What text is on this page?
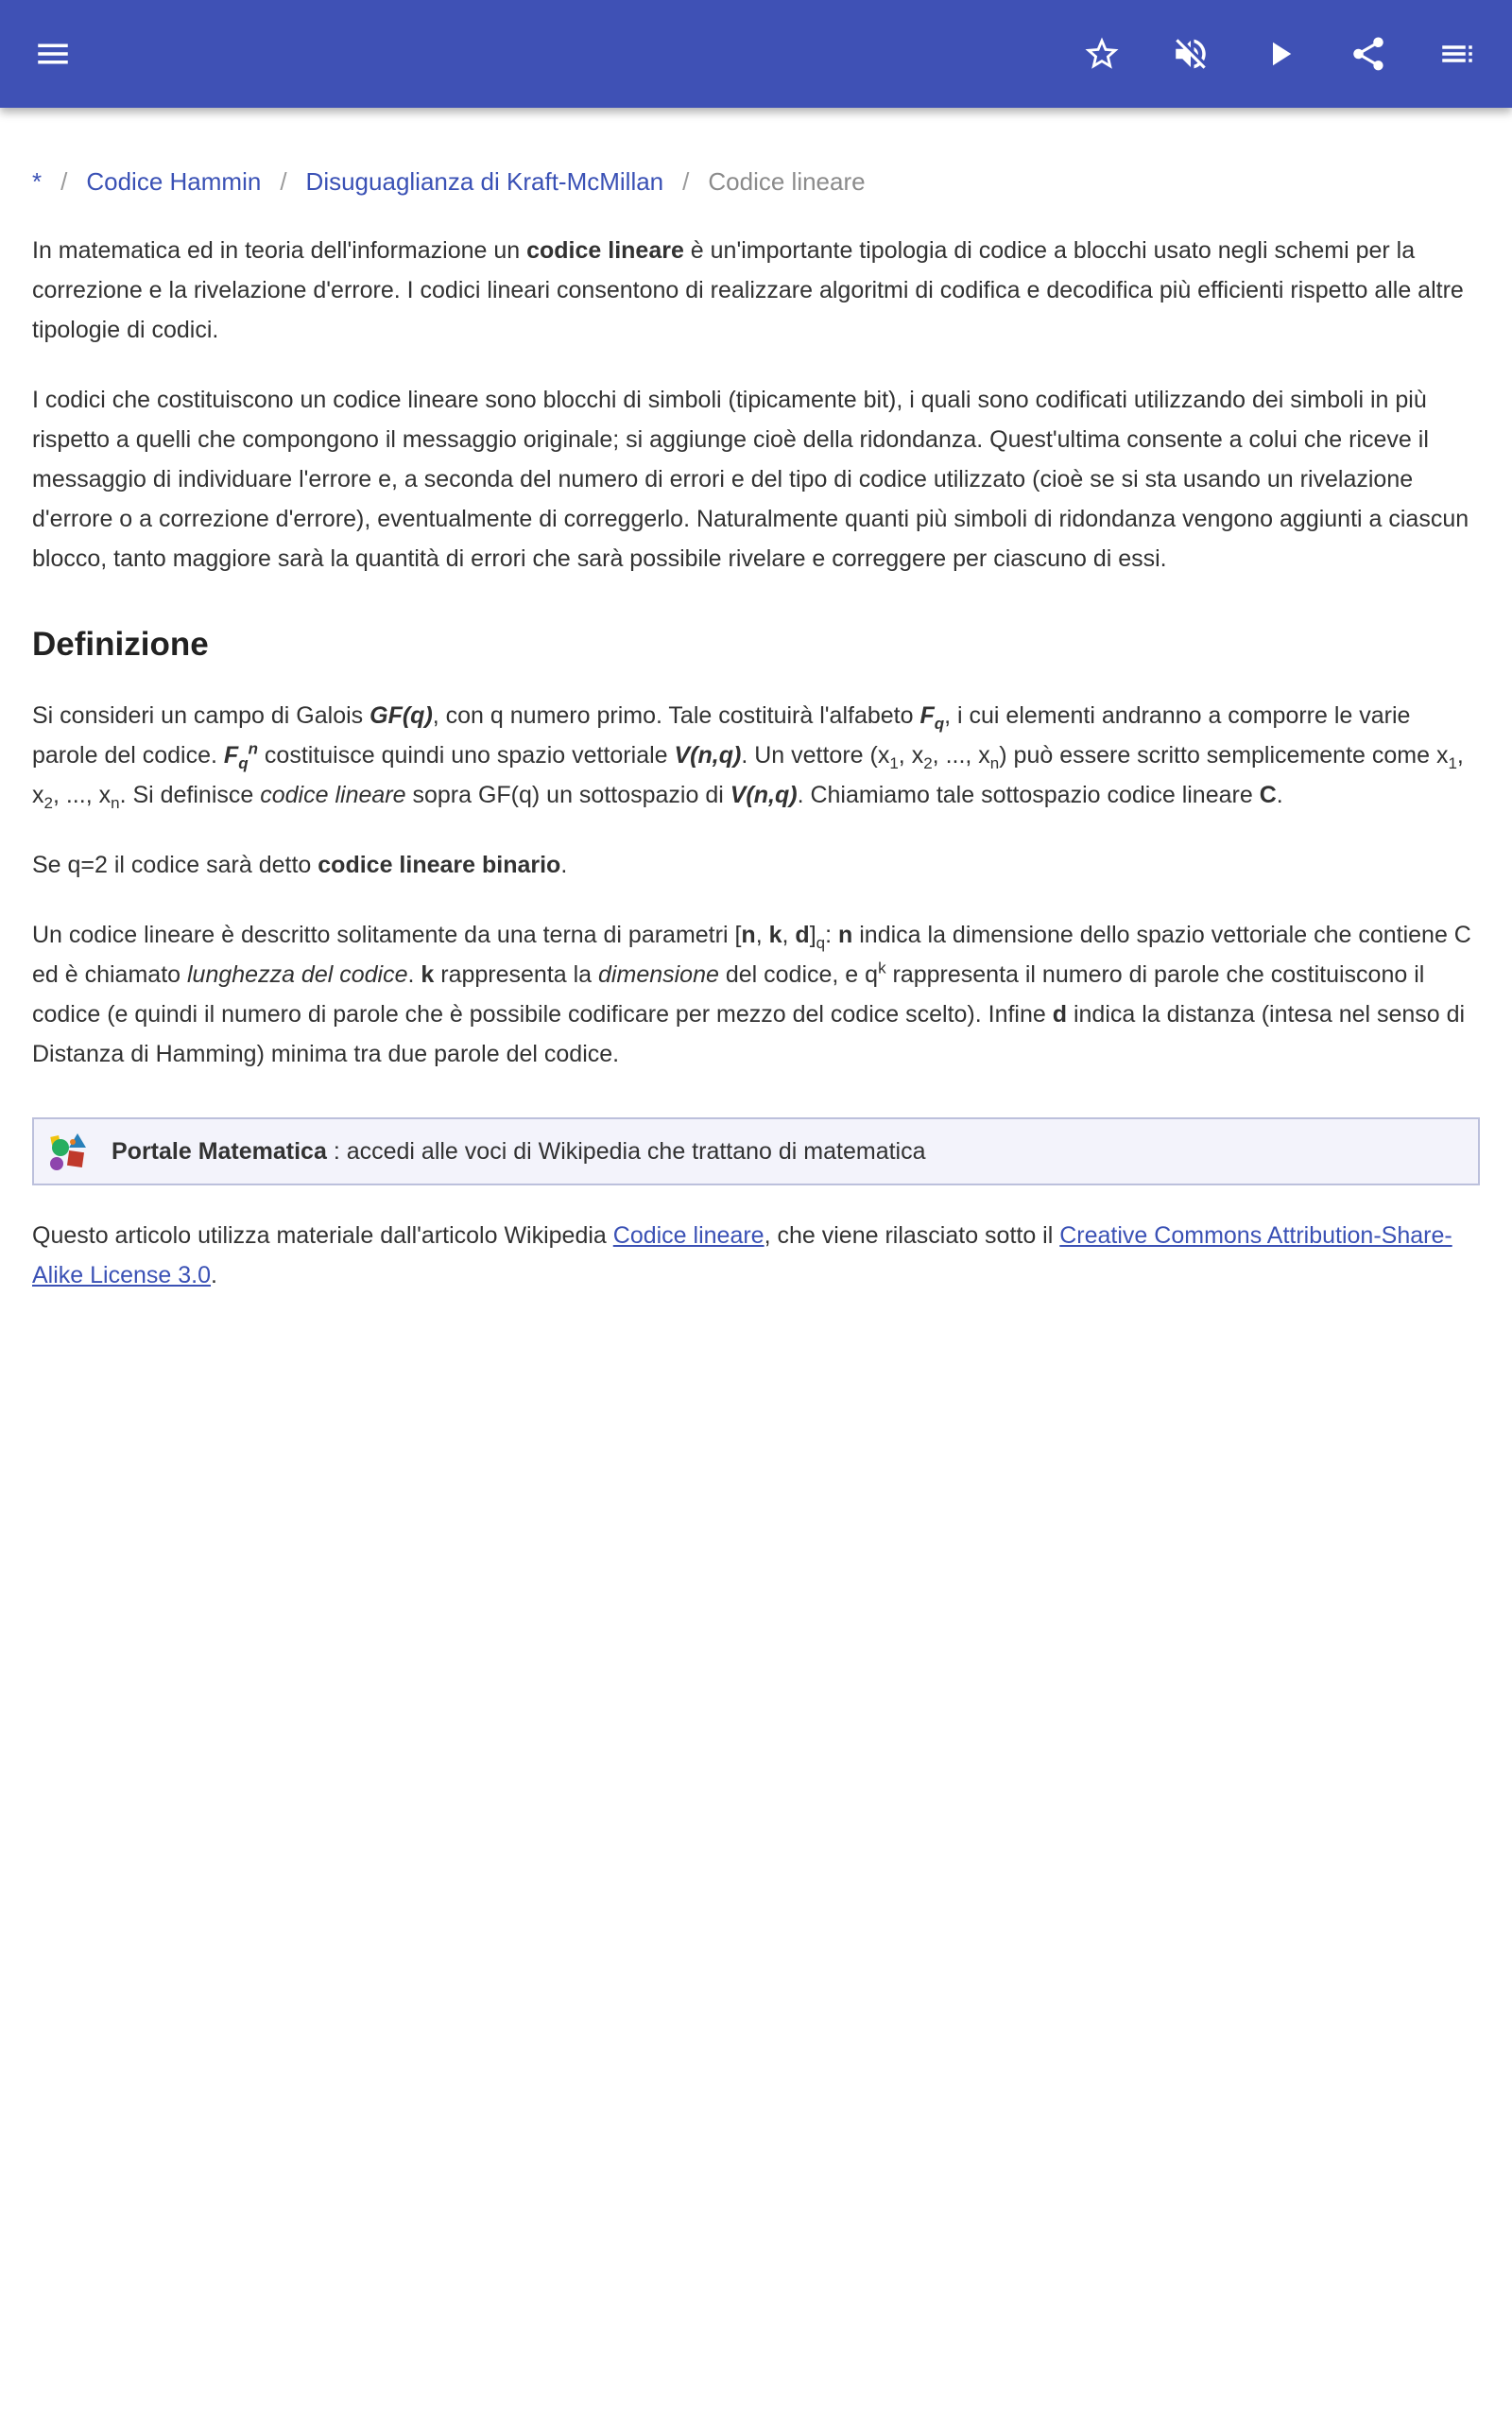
* / Codice Hammin / Disuguaglianza di Kraft-McMillan / Codice lineare

In matematica ed in teoria dell'informazione un codice lineare è un'importante tipologia di codice a blocchi usato negli schemi per la correzione e la rivelazione d'errore. I codici lineari consentono di realizzare algoritmi di codifica e decodifica più efficienti rispetto alle altre tipologie di codici.

I codici che costituiscono un codice lineare sono blocchi di simboli (tipicamente bit), i quali sono codificati utilizzando dei simboli in più rispetto a quelli che compongono il messaggio originale; si aggiunge cioè della ridondanza. Quest'ultima consente a colui che riceve il messaggio di individuare l'errore e, a seconda del numero di errori e del tipo di codice utilizzato (cioè se si sta usando un rivelazione d'errore o a correzione d'errore), eventualmente di correggerlo. Naturalmente quanti più simboli di ridondanza vengono aggiunti a ciascun blocco, tanto maggiore sarà la quantità di errori che sarà possibile rivelare e correggere per ciascuno di essi.

Definizione

Si consideri un campo di Galois GF(q), con q numero primo. Tale costituirà l'alfabeto $F_q$, i cui elementi andranno a comporre le varie parole del codice. $F_q^n$ costituisce quindi uno spazio vettoriale V(n,q). Un vettore ($x_1$, $x_2$, ..., $x_n$) può essere scritto semplicemente come $x_1$, $x_2$, ..., $x_n$. Si definisce codice lineare sopra GF(q) un sottospazio di V(n,q). Chiamiamo tale sottospazio codice lineare C.

Se q=2 il codice sarà detto codice lineare binario.

Un codice lineare è descritto solitamente da una terna di parametri [n, k, $d]_q$: n indica la dimensione dello spazio vettoriale che contiene C ed è chiamato lunghezza del codice. k rappresenta la dimensione del codice, e $q^k$ rappresenta il numero di parole che costituiscono il codice (e quindi il numero di parole che è possibile codificare per mezzo del codice scelto). Infine d indica la distanza (intesa nel senso di Distanza di Hamming) minima tra due parole del codice.

Portale Matematica : accedi alle voci di Wikipedia che trattano di matematica

Questo articolo utilizza materiale dall'articolo Wikipedia Codice lineare, che viene rilasciato sotto il Creative Commons Attribution-Share-Alike License 3.0.
